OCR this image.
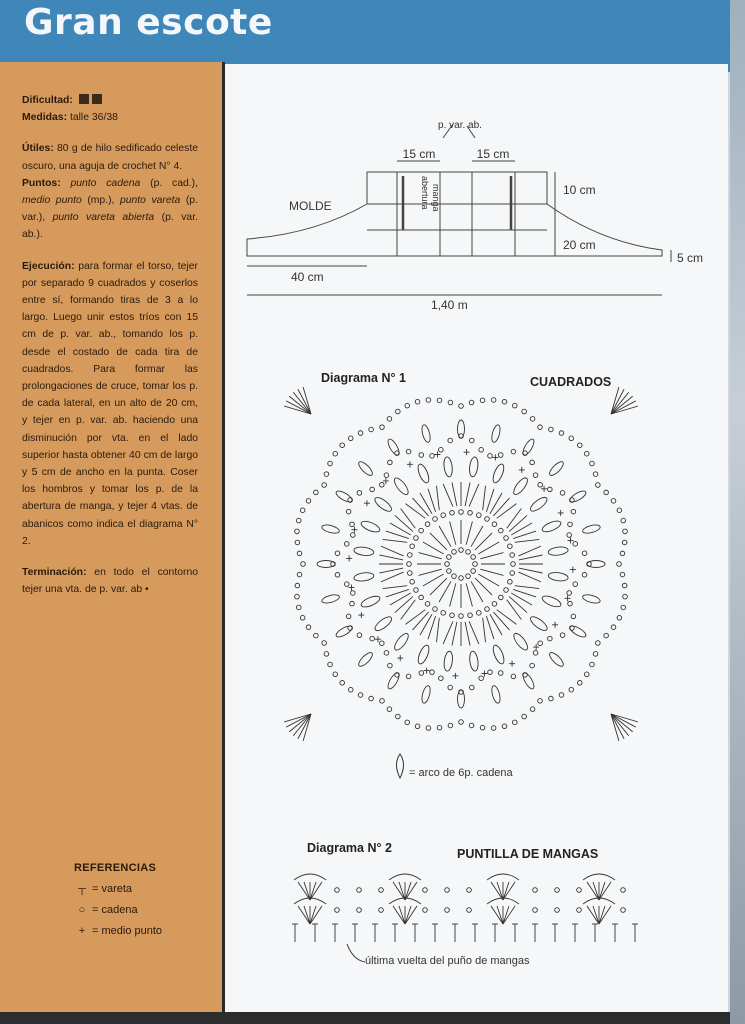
Gran escote

Dificultad:
Medidas: talle 36/38

Útiles: 80 g de hilo sedificado celeste oscuro, una aguja de crochet N° 4.
Puntos: punto cadena (p. cad.), medio punto (mp.), punto vareta (p. var.), punto vareta abierta (p. var. ab.).

Ejecución: para formar el torso, tejer por separado 9 cuadrados y coserlos entre sí, formando tiras de 3 a lo largo. Luego unir estos tríos con 15 cm de p. var. ab., tomando los p. desde el costado de cada tira de cuadrados. Para formar las prolongaciones de cruce, tomar los p. de cada lateral, en un alto de 20 cm, y tejer en p. var. ab. haciendo una disminución por vta. en el lado superior hasta obtener 40 cm de largo y 5 cm de ancho en la punta. Coser los hombros y tomar los p. de la abertura de manga, y tejer 4 vtas. de abanicos como indica el diagrama N° 2.

Terminación: en todo el contorno tejer una vta. de p. var. ab •

REFERENCIAS
┬ = vareta
○ = cadena
+ = medio punto
p. var. ab.
15 cm	15 cm
MOLDE	abertura manga	10 cm
20 cm
5 cm
40 cm
1,40 m
Diagrama N° 1	CUADRADOS
= arco de 6p. cadena
Diagrama N° 2	PUNTILLA DE MANGAS
última vuelta del puño de mangas
